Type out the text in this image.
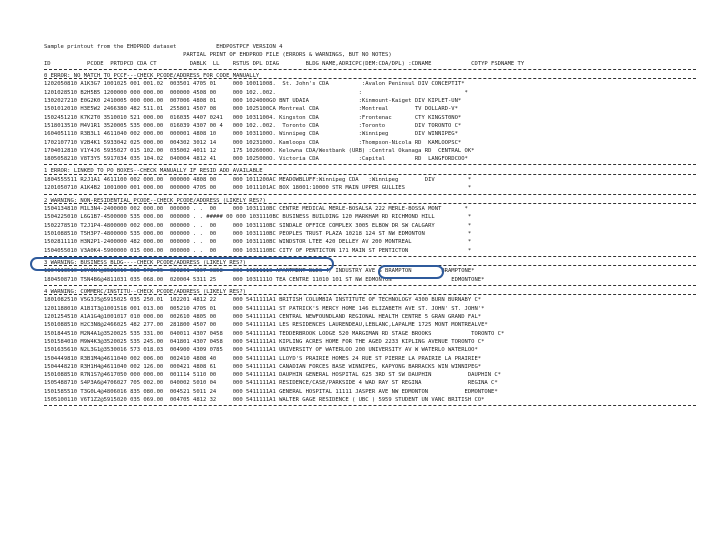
Sample printout from the EHDPROD dataset            EHDPOSTPCF VERSION 4
PARTIAL PRINT OF EHDPROD FILE (ERRORS & WARNINGS, BUT NO NOTES)
ID           PCODE  PRTDPCD CDA CT          DABLK  LL    RSTUS DPL DIAG        BLDG NAME,ADRICPC(DEM:CDA/DPL) :CDNAME            CDTYP FSDNAME TY
0 ERROR: NO MATCH TO PCCF---CHECK PCODE/ADDRESS FOR CODE MANUALLY
1202050810 A1K3G7 1001025 001 001.02  003501 4705 01     000 10011008.  St. John's CDA          :Avalon Peninsul DIV CONCEPTIT*
1201028510 B2H5B5 1200000 000 000.00  000000 4508 00     000 102..002.                         :                               *
1302027210 E0G2K0 2410005 000 000.00  007006 4808 01     000 1024000GO BNT UDAIA               :Kinmount-Kaiget DIV KIPLET-UN*
1501012010 H3E5W2 2466380 482 511.01  255801 4507 08     000 1025100CA Montreal CDA            :Montreal        TV DOLLARD-V*
1502451210 K7K2T0 3510010 521 000.00  016035 4407 0241   000 10311004. Kingston CDA            :Frontenac       CTY KINGST0NO*
1518013510 M4V1R1 3520005 535 000.00  016039 4307 00 4   000 102..002.  Toronto CDA            :Toronto         DIV TORONTO C*
1604051110 R3B3L1 4611040 002 000.00  000001 4808 10     000 1031100O. Winnipeg CDA            :Winnipeg        DIV WINNIPEG*
1702107710 V2B4K1 5933042 025 000.00  004302 3012 14     000 1023100O. Kamloops CDA            :Thompson-Nicola RD  KAMLOOPSC*
1704012810 V1Y4J6 5935027 015 102.00  035002 4011 12     175 1026000O. Kelowna CDA/Westbank (URB) :Central Okanaga RD  CENTRAL OK*
1805058210 V8T3Y5 5917034 035 104.02  040004 4812 41     000 1025000O. Victoria CDA            :Capital         RD  LANGFORDCOO*
1 ERROR: LINKED TO PO BOXES--CHECK MANUALLY IF RESID ADD AVAILABLE
1804555511 R2J1A1 4611100 002 000.00  000000 4808 00     000 1011200AC MEADOWBLUFF:Winnipeg CDA   :Winnipeg        DIV          *
1201050710 A1K4B2 1001000 001 000.00  000000 4705 00     000 1011101AC BOX 18001:10000 STR MAIN UPPER GULLIES                   *
2 WARNING: NON-RESIDENTIAL PCODE--CHECK PCODE/ADDRESS (LIKELY RES?)
1504134810 M1L3N4-2400000 002 000.00  000000 . .  00     000 1031110BC CENTRE MEDICAL MERLE-BOSALSA 222 MERLE-BOSSA MONT       *
1504225010 L6G1B7-4500000 535 000.00  000000 . . ##### 00 000 1031110BC BUSINESS BUILDING 120 MARKHAM RD RICHMOND HILL          *
1502278510 T2J1P4-4800000 002 000.00  000000 . .  00     000 1031110BC SINDALE OFFICE COMPLEX 3005 ELBOW DR SW CALGARY          *
1501088510 T5H3P7-4800000 535 000.00  000000 . .  00     000 1031110BC PEOPLES TRUST PLAZA 10218 124 ST NW EDMONTON             *
1502811110 H3N2P1-2400000 482 000.00  000000 . .  00     000 1031110BC WINDSTOR LTEE 420 DELLEY AV 200 MONTREAL                 *
1504055010 V3A0K4-5900000 015 000.00  000000 . .  00     000 1031110BC CITY OF PENTICTON 171 MAIN ST PENTICTON                  *
3 WARNING: BUSINESS BLDG----CHECK PCODE/ADDRESS (LIKELY RES?)
1804113510 L9Y3N4@3521010 535 572.05  020201 4307 0858   000 1031111O APARTMENT BLDG 4/ INDUSTRY AVE S BRAMPTON         BRAMPTONE*
1804508710 T5N4B6@4811031 035 068.00  020004 5311 25     000 1031111O TEA CENTRE 11010 101 ST NW EDMONTON                  EDMONTONE*
4 WARNING: COMMERC/INSTITU--CHECK PCODE/ADDRESS (LIKELY RES?)
1801082510 V5G3J5@5915025 035 250.01  102201 4812 22     000 5411111A1 BRITISH COLUMBIA INSTITUTE OF TECHNOLOGY 4300 BURN BURNABY C*
1201188010 A1B1T3@1001518 001 013.00  005210 4705 01     000 5411111A1 ST PATRICK'S MERCY HOME 146 ELIZABETH AVE ST. JOHN' ST. JOHN'*
1201254510 A1A1G4@1001017 010 000.00  002610 4805 00     000 5411111A1 CENTRAL NEWFOUNDLAND REGIONAL HEALTH CENTRE 5 GRAN GRAND FAL*
1501088510 H2C3N8@2466025 482 277.00  281800 4507 00     000 5411111A1 LES RESIDENCES LAURENDEAU,LEBLANC,LAPALME 1725 MONT MONTREALVE*
1501844510 M2N4A1@3520025 535 331.00  040011 4307 0458   000 5411111A1 TEDDERBROOK LODGE 520 MARGIMAN RD STAGE BROOKS            TORONTO C*
1501584010 M9W4K3@3520025 535 245.00  041801 4307 0458   000 5411111A1 KIPLING ACRES HOME FOR THE AGED 2233 KIPLING AVENUE TORONTO C*
1501635610 N2L3G1@3530016 573 018.03  004900 4309 0785   000 5411111A1 UNIVERSITY OF WATERLOO 200 UNIVERSITY AV W WATERLO WATERLOO*
1504449810 R3B1M4@4611040 002 006.00  002410 4808 40     000 5411111A1 LLOYD'S PRAIRIE HOMES 24 RUE ST PIERRE LA PRAIRIE LA PRAIRIE*
1504448210 R3H1H4@4611040 002 126.00  000421 4808 61     000 5411111A1 CANADIAN FORCES BASE WINNIPEG, KAPYONG BARRACKS WIN WINNIPEG*
1501088510 R7N1S7@4617050 000 000.00  001114 5110 00     000 5411111A1 DAUPHIN GENERAL HOSPITAL 625 3RD ST SW DAUPHIN           DAUPHIN C*
1505488710 S4P3A6@4706027 705 002.00  040002 5010 04     000 5411111A1 RESIDENCE/CASE/PARKSIDE 4 WAD RAY ST REGINA              REGINA C*
1501585510 T3G0L4@4806016 835 080.00  004521 5011 24     000 5411111A1 GENERAL HOSPITAL 11111 JASPER AVE NW EDMONTON           EDMONTONE*
1505100110 V6T1Z2@5915020 035 069.00  004705 4812 32     000 5411111A1 WALTER GAGE RESIDENCE ( UBC ) 5959 STUDENT UN VANC BRITISH CO*
